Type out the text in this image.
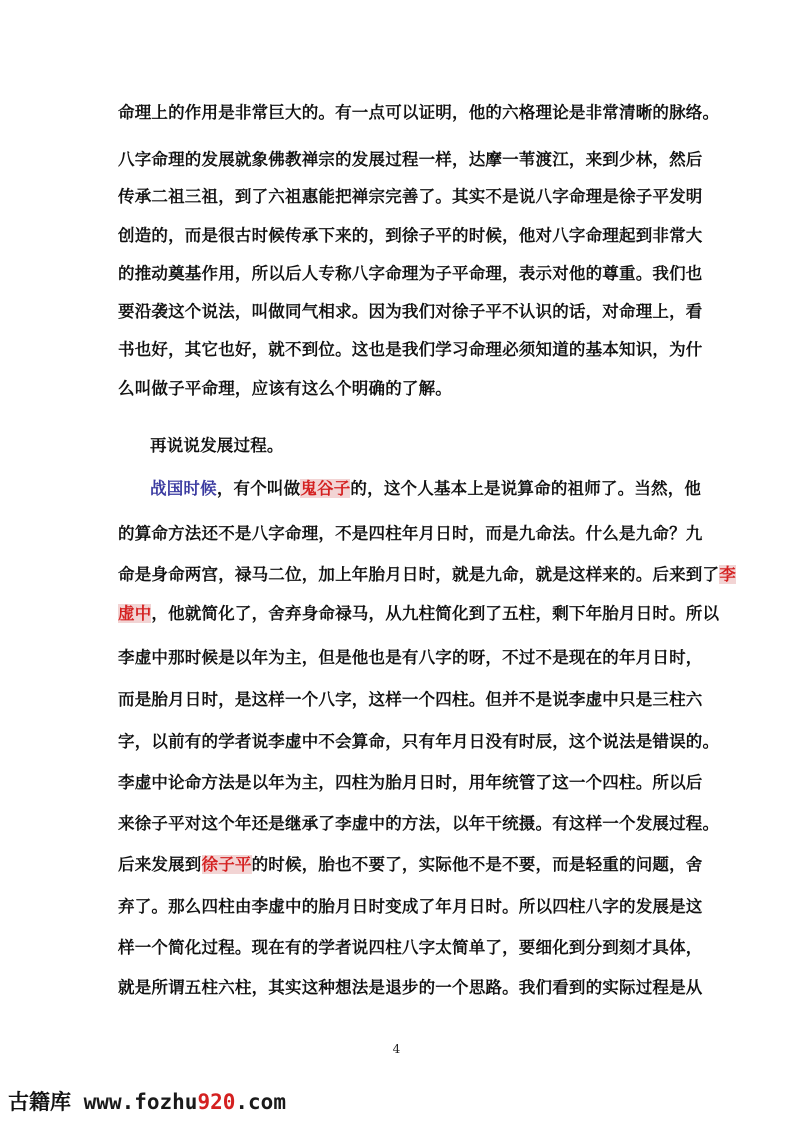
命理上的作用是非常巨大的。有一点可以证明，他的六格理论是非常清晰的脉络。
八字命理的发展就象佛教禅宗的发展过程一样，达摩一苇渡江，来到少林，然后
传承二祖三祖，到了六祖惠能把禅宗完善了。其实不是说八字命理是徐子平发明
创造的，而是很古时候传承下来的，到徐子平的时候，他对八字命理起到非常大
的推动奠基作用，所以后人专称八字命理为子平命理，表示对他的尊重。我们也
要沿袭这个说法，叫做同气相求。因为我们对徐子平不认识的话，对命理上，看
书也好，其它也好，就不到位。这也是我们学习命理必须知道的基本知识，为什
么叫做子平命理，应该有这么个明确的了解。
再说说发展过程。
战国时候，有个叫做鬼谷子的，这个人基本上是说算命的祖师了。当然，他
的算命方法还不是八字命理，不是四柱年月日时，而是九命法。什么是九命？九
命是身命两宫，禄马二位，加上年胎月日时，就是九命，就是这样来的。后来到了李
虚中，他就简化了，舍弃身命禄马，从九柱简化到了五柱，剩下年胎月日时。所以
李虚中那时候是以年为主，但是他也是有八字的呀，不过不是现在的年月日时，
而是胎月日时，是这样一个八字，这样一个四柱。但并不是说李虚中只是三柱六
字，以前有的学者说李虚中不会算命，只有年月日没有时辰，这个说法是错误的。
李虚中论命方法是以年为主，四柱为胎月日时，用年统管了这一个四柱。所以后
来徐子平对这个年还是继承了李虚中的方法，以年干统摄。有这样一个发展过程。
后来发展到徐子平的时候，胎也不要了，实际他不是不要，而是轻重的问题，舍
弃了。那么四柱由李虚中的胎月日时变成了年月日时。所以四柱八字的发展是这
样一个简化过程。现在有的学者说四柱八字太简单了，要细化到分到刻才具体，
就是所谓五柱六柱，其实这种想法是退步的一个思路。我们看到的实际过程是从
4
古籍库 www.fozhu920.com
